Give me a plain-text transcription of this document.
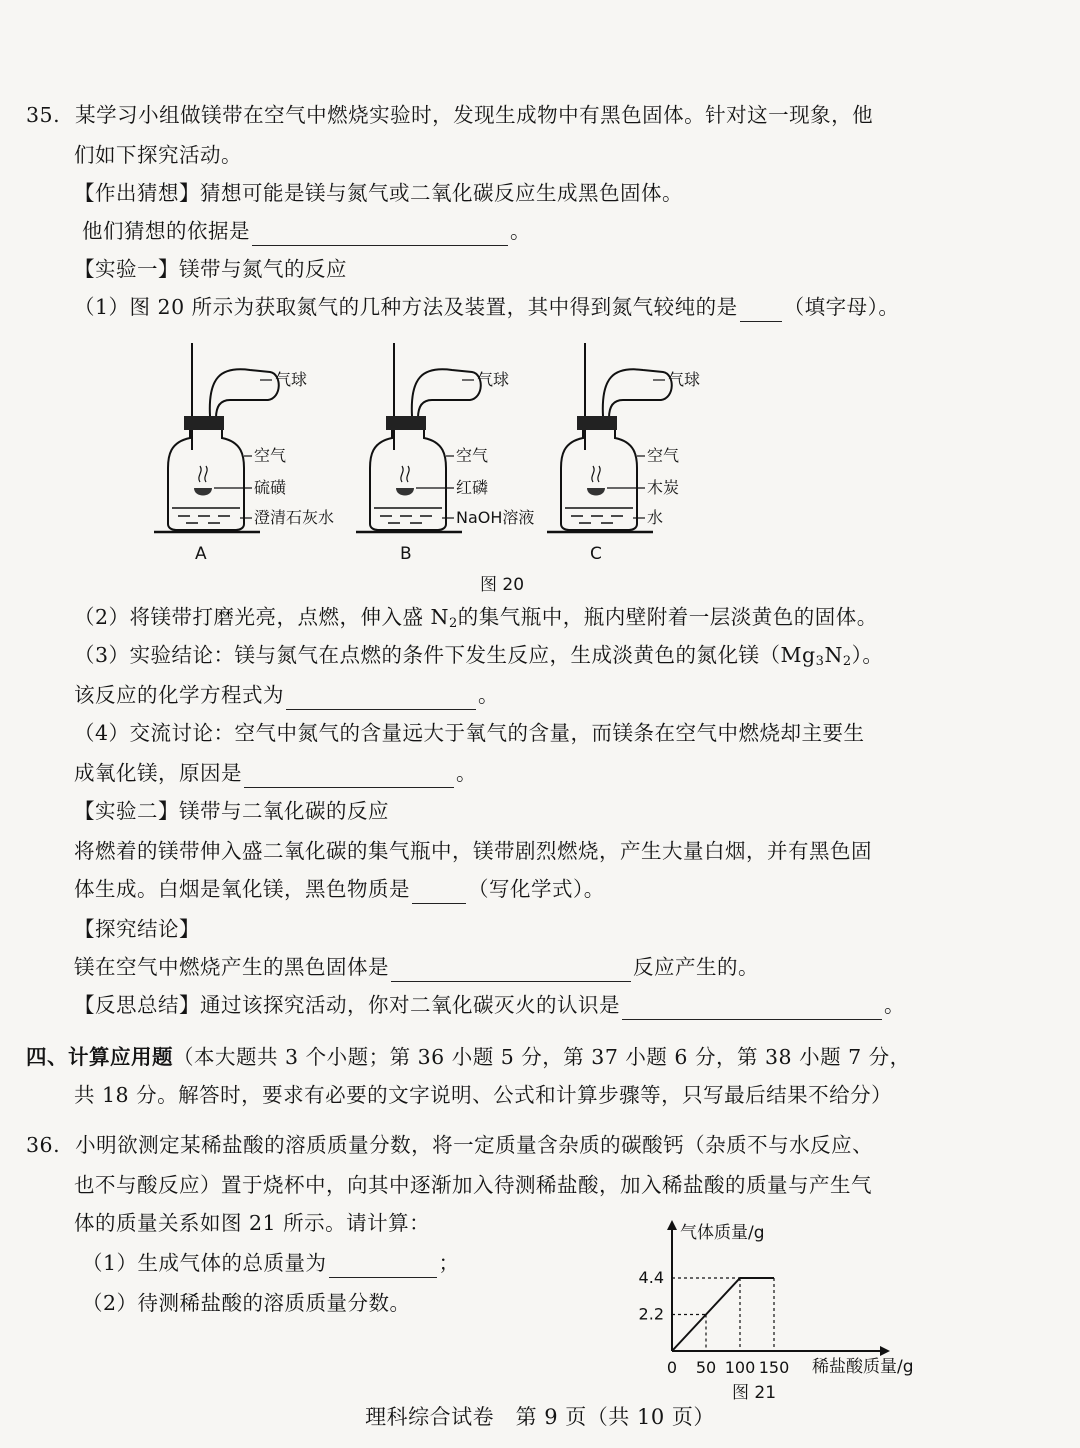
35. 某学习小组做镁带在空气中燃烧实验时，发现生成物中有黑色固体。针对这一现象，他
们如下探究活动。
【作出猜想】猜想可能是镁与氮气或二氧化碳反应生成黑色固体。
他们猜想的依据是	。
【实验一】镁带与氮气的反应
（1）图 20 所示为获取氮气的几种方法及装置，其中得到氮气较纯的是 （填字母）。
气球
空气
硫磺
澄清石灰水
A
气球
空气
红磷
NaOH溶液
B
气球
空气
木炭
水
C
图 20
（2）将镁带打磨光亮，点燃，伸入盛 $N_2$的集气瓶中，瓶内壁附着一层淡黄色的固体。
（3）实验结论：镁与氮气在点燃的条件下发生反应，生成淡黄色的氮化镁$(Mg_3N_2)$。
该反应的化学方程式为	。
（4）交流讨论：空气中氮气的含量远大于氧气的含量，而镁条在空气中燃烧却主要生
成氧化镁，原因是	。
【实验二】镁带与二氧化碳的反应
将燃着的镁带伸入盛二氧化碳的集气瓶中，镁带剧烈燃烧，产生大量白烟，并有黑色固
体生成。白烟是氧化镁，黑色物质是	（写化学式）。
【探究结论】
镁在空气中燃烧产生的黑色固体是	反应产生的。
【反思总结】通过该探究活动，你对二氧化碳灭火的认识是	。
四、计算应用题（本大题共 3 个小题；第 36 小题 5 分，第 37 小题 6 分，第 38 小题 7 分，
共 18 分。解答时，要求有必要的文字说明、公式和计算步骤等，只写最后结果不给分）
36. 小明欲测定某稀盐酸的溶质质量分数，将一定质量含杂质的碳酸钙（杂质不与水反应、
也不与酸反应）置于烧杯中，向其中逐渐加入待测稀盐酸，加入稀盐酸的质量与产生气
体的质量关系如图 21 所示。请计算：
（1）生成气体的总质量为	；
（2）待测稀盐酸的溶质质量分数。
0 50 100 150
2.2
4.4
气体质量/g
稀盐酸质量/g
图 21
理科综合试卷　第 9 页（共 10 页）
